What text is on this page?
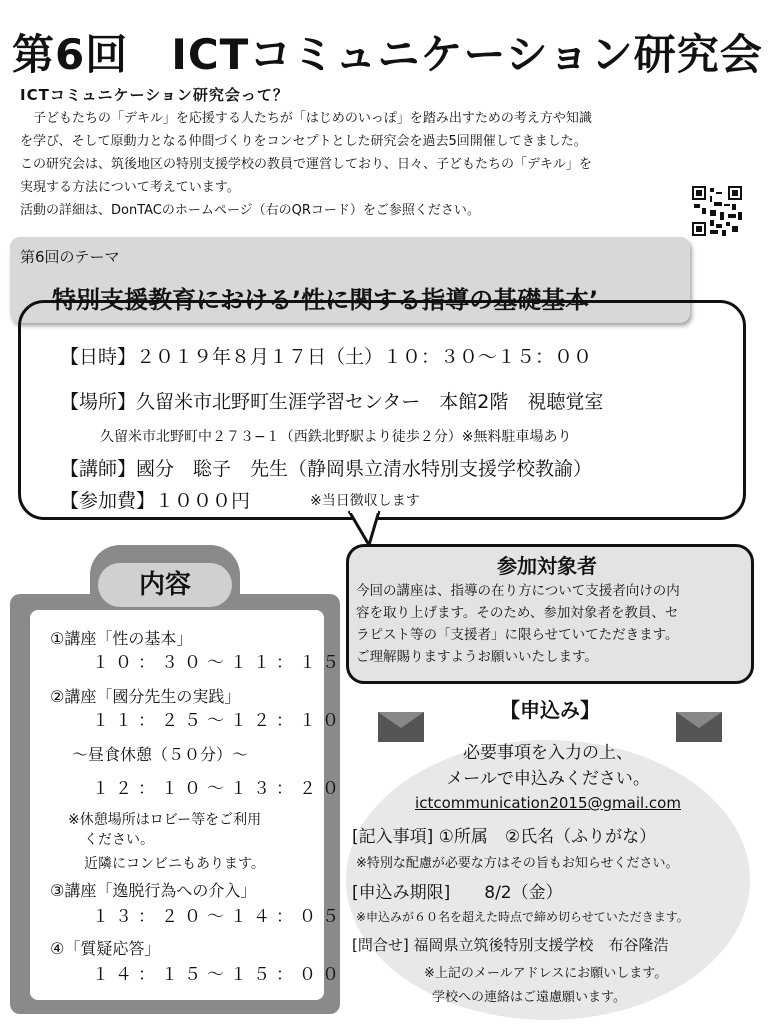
第6回　ICTコミュニケーション研究会
ICTコミュニケーション研究会って？

　子どもたちの「デキル」を応援する人たちが「はじめのいっぽ」を踏み出すための考え方や知識

を学び、そして原動力となる仲間づくりをコンセプトとした研究会を過去5回開催してきました。

この研究会は、筑後地区の特別支援学校の教員で運営しており、日々、子どもたちの「デキル」を

実現する方法について考えています。

活動の詳細は、DonTACのホームページ（右のQRコード）をご参照ください。

第6回のテーマ
特別支援教育における’性に関する指導の基礎基本’
【日時】２０１９年８月１７日（土）１０：３０〜１５：００
【場所】久留米市北野町生涯学習センター　本館2階　視聴覚室
久留米市北野町中２７３−１（西鉄北野駅より徒歩２分）※無料駐車場あり
【講師】國分　聡子　先生（静岡県立清水特別支援学校教諭）
【参加費】１０００円	※当日徴収します
参加対象者
今回の講座は、指導の在り方について支援者向けの内
容を取り上げます。そのため、参加対象者を教員、セ
ラピスト等の「支援者」に限らせていてただきます。
ご理解賜りますようお願いいたします。
内容
①講座「性の基本」
１０：３０〜１１：１５
②講座「國分先生の実践」
１１：２５〜１２：１０
〜昼食休憩（５０分）〜
１２：１０〜１３：２０
※休憩場所はロビー等をご利用
ください。
近隣にコンビニもあります。
③講座「逸脱行為への介入」
１３：２０〜１４：０５
④「質疑応答」
１４：１５〜１５：００
【申込み】
必要事項を入力の上、
メールで申込みください。
ictcommunication2015@gmail.com
[記入事項] ①所属　②氏名（ふりがな）
※特別な配慮が必要な方はその旨もお知らせください。
[申込み期限]　　8/2（金）
※申込みが６０名を超えた時点で締め切らせていただきます。
[問合せ] 福岡県立筑後特別支援学校　布谷隆浩
※上記のメールアドレスにお願いします。
学校への連絡はご遠慮願います。
